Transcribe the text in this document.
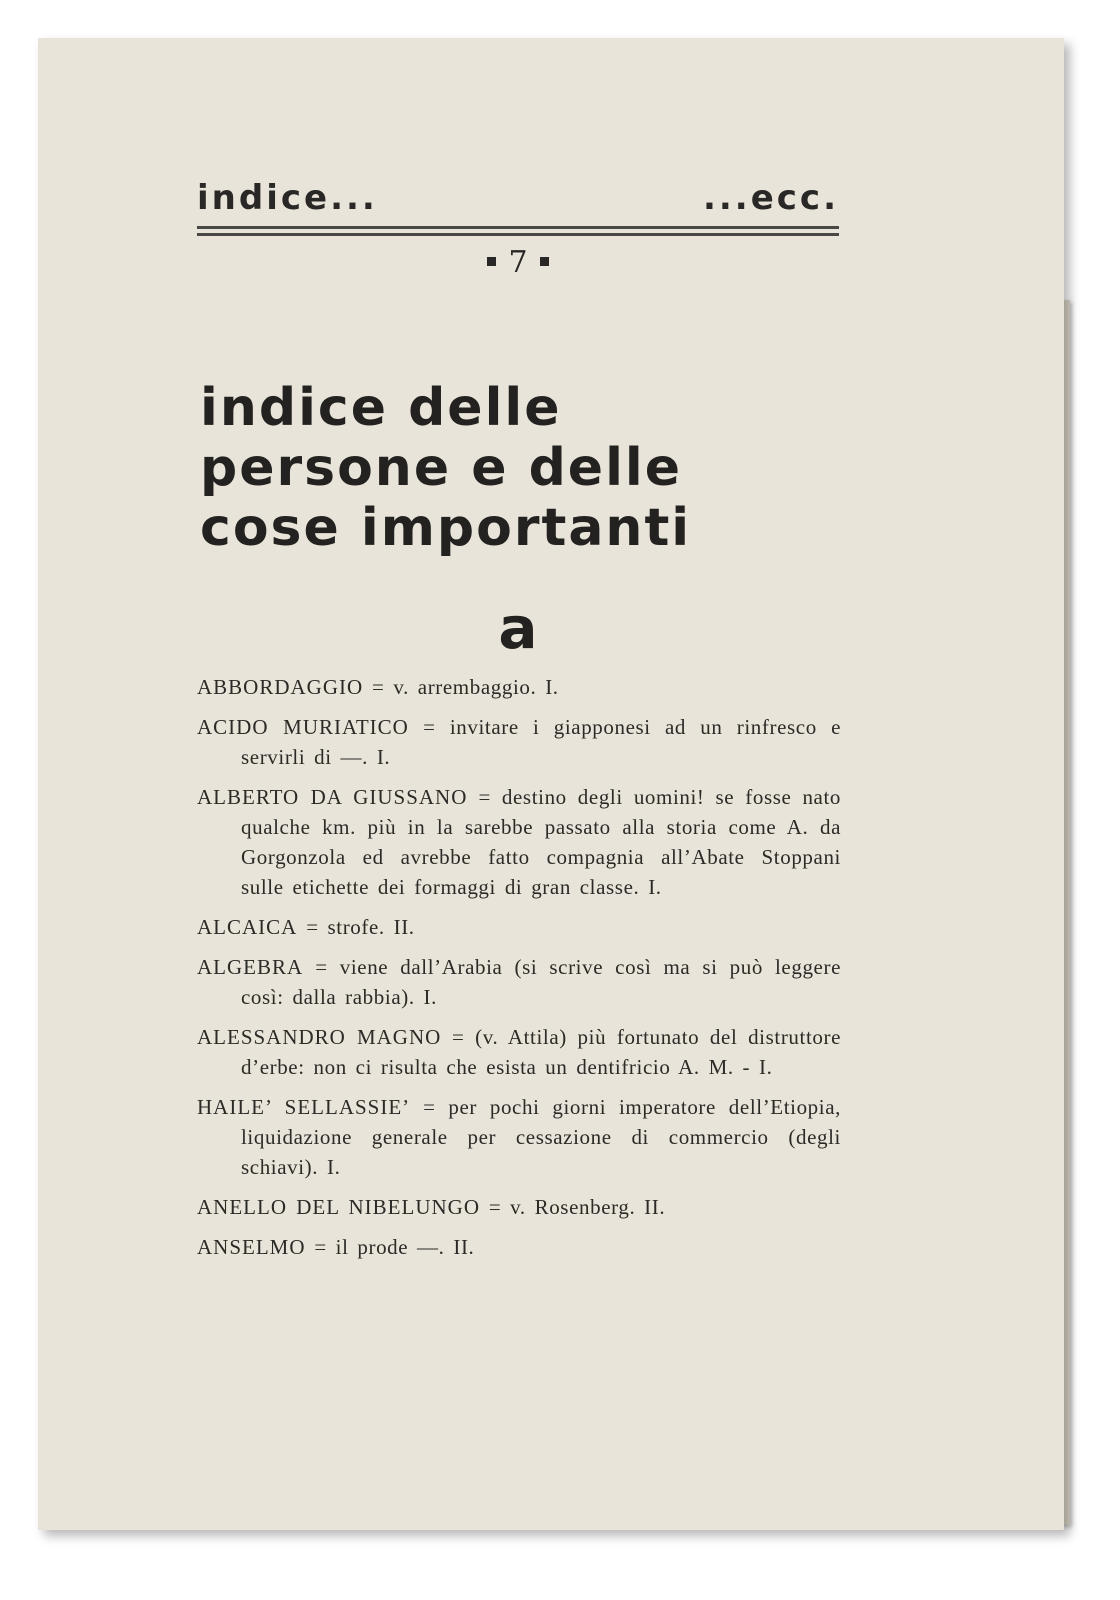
indice...	...ecc.
7
indice delle
persone e delle
cose importanti
a
ABBORDAGGIO = v. arrembaggio. I.
ACIDO MURIATICO = invitare i giapponesi ad un rinfresco e servirli di —. I.
ALBERTO DA GIUSSANO = destino degli uomini! se fosse nato qualche km. più in la sarebbe passato alla storia come A. da Gorgonzola ed avrebbe fatto compagnia all’Abate Stoppani sulle etichette dei formaggi di gran classe. I.
ALCAICA = strofe. II.
ALGEBRA = viene dall’Arabia (si scrive così ma si può leggere così: dalla rabbia). I.
ALESSANDRO MAGNO = (v. Attila) più fortunato del distruttore d’erbe: non ci risulta che esista un dentifricio A. M. - I.
HAILE’ SELLASSIE’ = per pochi giorni imperatore dell’Etiopia, liquidazione generale per cessazione di commercio (degli schiavi). I.
ANELLO DEL NIBELUNGO = v. Rosenberg. II.
ANSELMO = il prode —. II.
